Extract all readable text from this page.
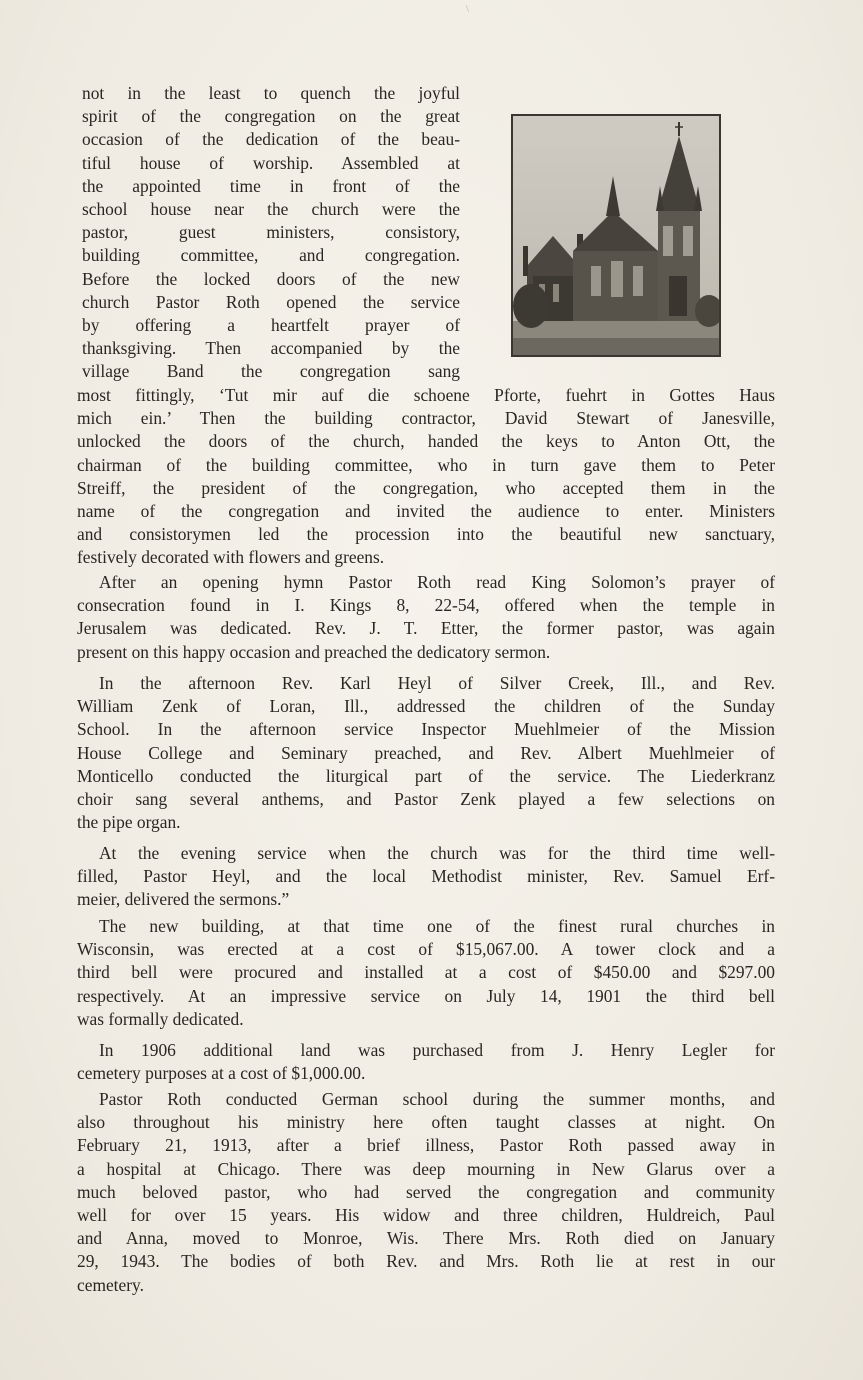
\
not in the least to quench the joyful
spirit of the congregation on the great
occasion of the dedication of the beau-
tiful house of worship. Assembled at
the appointed time in front of the
school house near the church were the
pastor, guest ministers, consistory,
building committee, and congregation.
Before the locked doors of the new
church Pastor Roth opened the service
by offering a heartfelt prayer of
thanksgiving. Then accompanied by the
village Band the congregation sang
most fittingly, ‘Tut mir auf die schoene Pforte, fuehrt in Gottes Haus
mich ein.’ Then the building contractor, David Stewart of Janesville,
unlocked the doors of the church, handed the keys to Anton Ott, the
chairman of the building committee, who in turn gave them to Peter
Streiff, the president of the congregation, who accepted them in the
name of the congregation and invited the audience to enter. Ministers
and consistorymen led the procession into the beautiful new sanctuary,
festively decorated with flowers and greens.
After an opening hymn Pastor Roth read King Solomon’s prayer of
consecration found in I. Kings 8, 22-54, offered when the temple in
Jerusalem was dedicated. Rev. J. T. Etter, the former pastor, was again
present on this happy occasion and preached the dedicatory sermon.
In the afternoon Rev. Karl Heyl of Silver Creek, Ill., and Rev.
William Zenk of Loran, Ill., addressed the children of the Sunday
School. In the afternoon service Inspector Muehlmeier of the Mission
House College and Seminary preached, and Rev. Albert Muehlmeier of
Monticello conducted the liturgical part of the service. The Liederkranz
choir sang several anthems, and Pastor Zenk played a few selections on
the pipe organ.
At the evening service when the church was for the third time well-
filled, Pastor Heyl, and the local Methodist minister, Rev. Samuel Erf-
meier, delivered the sermons.”
The new building, at that time one of the finest rural churches in
Wisconsin, was erected at a cost of $15,067.00. A tower clock and a
third bell were procured and installed at a cost of $450.00 and $297.00
respectively. At an impressive service on July 14, 1901 the third bell
was formally dedicated.
In 1906 additional land was purchased from J. Henry Legler for
cemetery purposes at a cost of $1,000.00.
Pastor Roth conducted German school during the summer months, and
also throughout his ministry here often taught classes at night. On
February 21, 1913, after a brief illness, Pastor Roth passed away in
a hospital at Chicago. There was deep mourning in New Glarus over a
much beloved pastor, who had served the congregation and community
well for over 15 years. His widow and three children, Huldreich, Paul
and Anna, moved to Monroe, Wis. There Mrs. Roth died on January
29, 1943. The bodies of both Rev. and Mrs. Roth lie at rest in our
cemetery.
